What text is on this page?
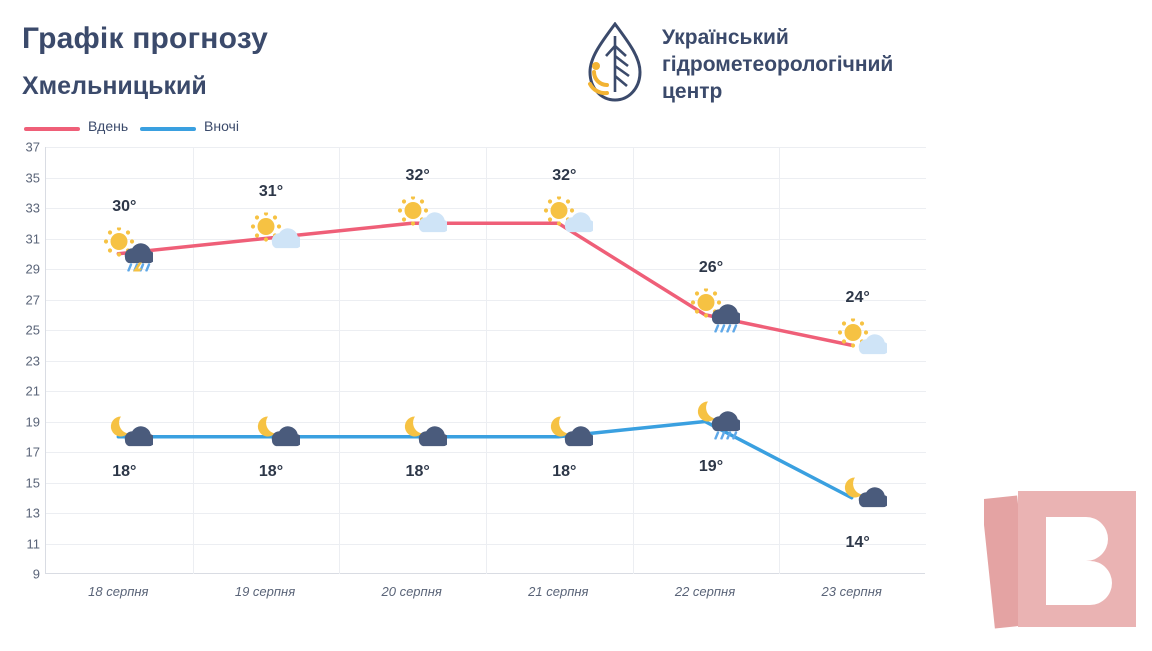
Графік прогнозу
Хмельницький
Український
гідрометеорологічний
центр
Вдень	Вночі
9
11
13
15
17
19
21
23
25
27
29
31
33
35
37
18 серпня	19 серпня	20 серпня	21 серпня	22 серпня	23 серпня
30°
31°
32°	32°
26°
24°
18°	18°	18°	18°	19°
14°
